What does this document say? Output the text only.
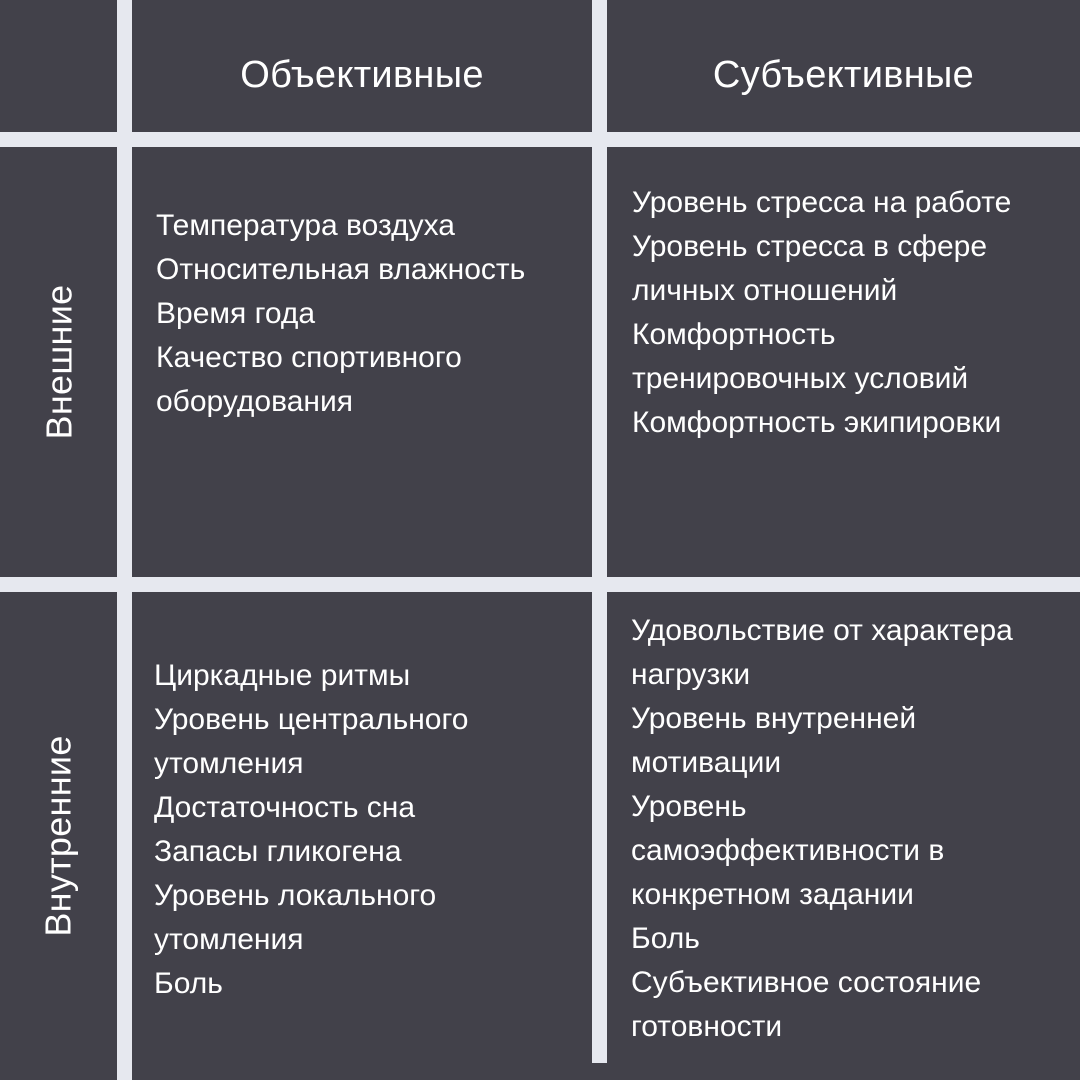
Объективные	Субъективные
Внешние
Внутренние
Температура воздуха
Относительная влажность
Время года
Качество спортивного
оборудования
Уровень стресса на работе
Уровень стресса в сфере
личных отношений
Комфортность
тренировочных условий
Комфортность экипировки
Циркадные ритмы
Уровень центрального
утомления
Достаточность сна
Запасы гликогена
Уровень локального
утомления
Боль
Удовольствие от характера
нагрузки
Уровень внутренней
мотивации
Уровень
самоэффективности в
конкретном задании
Боль
Субъективное состояние
готовности
